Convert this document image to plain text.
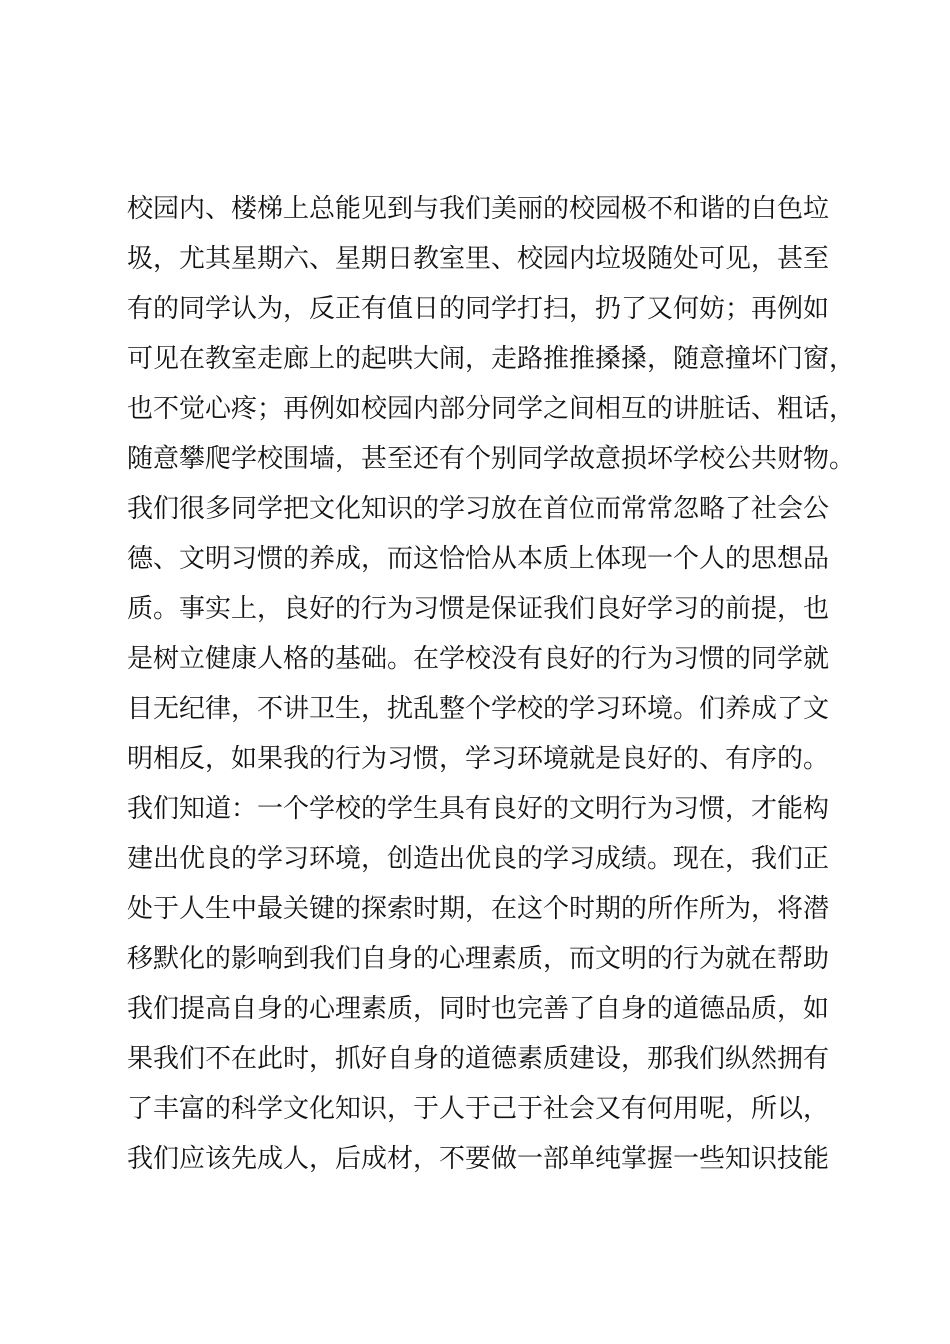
校园内、楼梯上总能见到与我们美丽的校园极不和谐的白色垃
圾，尤其星期六、星期日教室里、校园内垃圾随处可见，甚至
有的同学认为，反正有值日的同学打扫，扔了又何妨；再例如
可见在教室走廊上的起哄大闹，走路推推搡搡，随意撞坏门窗，
也不觉心疼；再例如校园内部分同学之间相互的讲脏话、粗话，
随意攀爬学校围墙，甚至还有个别同学故意损坏学校公共财物。
我们很多同学把文化知识的学习放在首位而常常忽略了社会公
德、文明习惯的养成，而这恰恰从本质上体现一个人的思想品
质。事实上，良好的行为习惯是保证我们良好学习的前提，也
是树立健康人格的基础。在学校没有良好的行为习惯的同学就
目无纪律，不讲卫生，扰乱整个学校的学习环境。们养成了文
明相反，如果我的行为习惯，学习环境就是良好的、有序的。
我们知道：一个学校的学生具有良好的文明行为习惯，才能构
建出优良的学习环境，创造出优良的学习成绩。现在，我们正
处于人生中最关键的探索时期，在这个时期的所作所为，将潜
移默化的影响到我们自身的心理素质，而文明的行为就在帮助
我们提高自身的心理素质，同时也完善了自身的道德品质，如
果我们不在此时，抓好自身的道德素质建设，那我们纵然拥有
了丰富的科学文化知识，于人于己于社会又有何用呢，所以，
我们应该先成人，后成材，不要做一部单纯掌握一些知识技能
